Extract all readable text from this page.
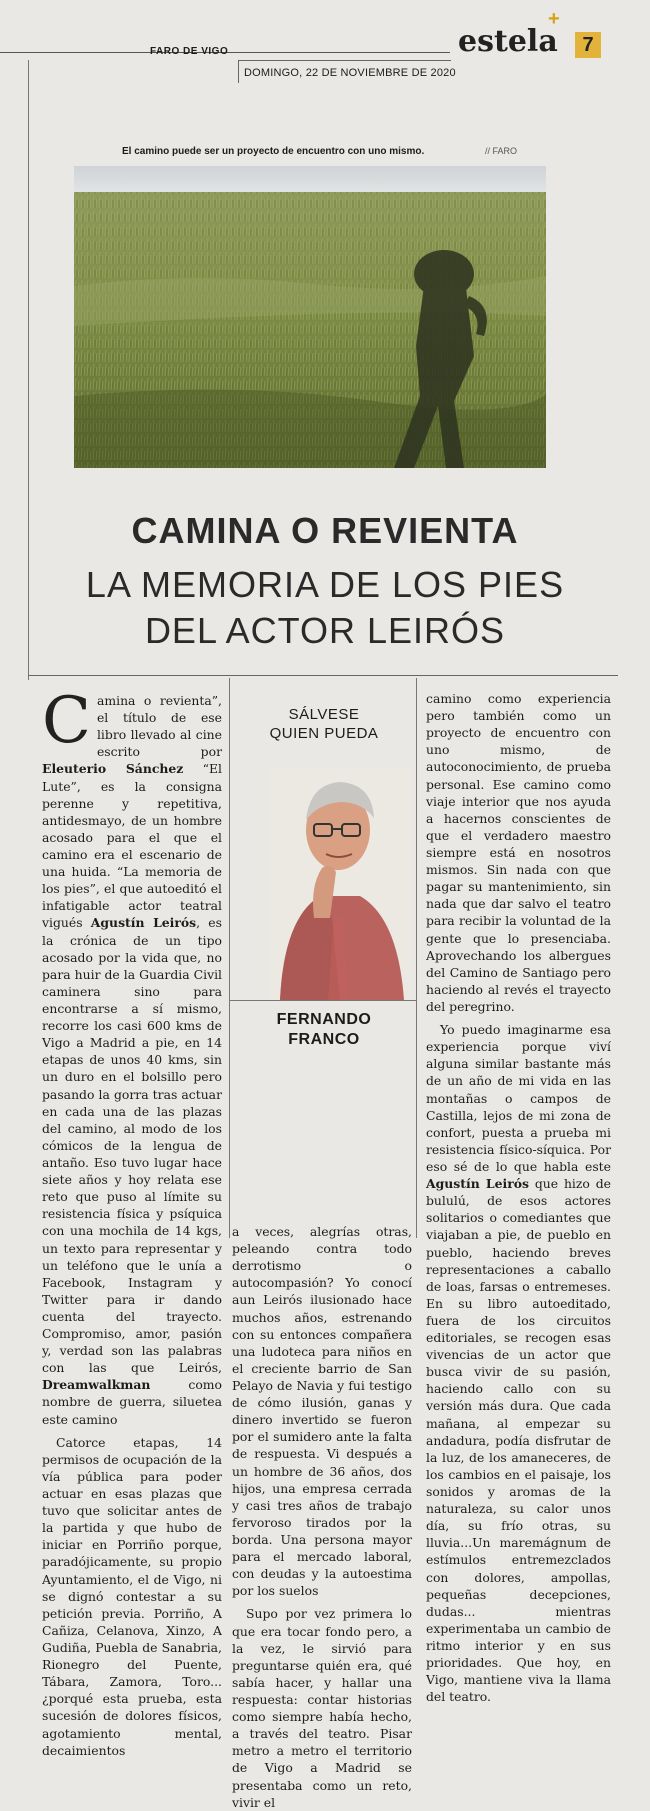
FARO DE VIGO
DOMINGO, 22 DE NOVIEMBRE DE 2020
estela
+
7
El camino puede ser un proyecto de encuentro con uno mismo.	// FARO
CAMINA O REVIENTA
LA MEMORIA DE LOS PIES
DEL ACTOR LEIRÓS

Camina o revienta”, el título de ese libro llevado al cine escrito por Eleuterio Sánchez “El Lute”, es la consigna perenne y repetitiva, antidesmayo, de un hombre acosado para el que el camino era el escenario de una huida. “La memoria de los pies”, el que autoeditó el infatigable actor teatral vigués Agustín Leirós, es la crónica de un tipo acosado por la vida que, no para huir de la Guardia Civil caminera sino para encontrarse a sí mismo, recorre los casi 600 kms de Vigo a Madrid a pie, en 14 etapas de unos 40 kms, sin un duro en el bolsillo pero pasando la gorra tras actuar en cada una de las plazas del camino, al modo de los cómicos de la lengua de antaño. Eso tuvo lugar hace siete años y hoy relata ese reto que puso al límite su resistencia física y psíquica con una mochila de 14 kgs, un texto para representar y un teléfono que le unía a Facebook, Instagram y Twitter para ir dando cuenta del trayecto. Compromiso, amor, pasión y, verdad son las palabras con las que Leirós, Dreamwalkman como nombre de guerra, siluetea este camino

Catorce etapas, 14 permisos de ocupación de la vía pública para poder actuar en esas plazas que tuvo que solicitar antes de la partida y que hubo de iniciar en Porriño porque, paradójicamente, su propio Ayuntamiento, el de Vigo, ni se dignó contestar a su petición previa. Porriño, A Cañiza, Celanova, Xinzo, A Gudiña, Puebla de Sanabria, Rionegro del Puente, Tábara, Zamora, Toro... ¿porqué esta prueba, esta sucesión de dolores físicos, agotamiento mental, decaimientos

SÁLVESE
QUIEN PUEDA
FERNANDO
FRANCO

a veces, alegrías otras, peleando contra todo derrotismo o autocompasión? Yo conocí aun Leirós ilusionado hace muchos años, estrenando con su entonces compañera una ludoteca para niños en el creciente barrio de San Pelayo de Navia y fui testigo de cómo ilusión, ganas y dinero invertido se fueron por el sumidero ante la falta de respuesta. Vi después a un hombre de 36 años, dos hijos, una empresa cerrada y casi tres años de trabajo fervoroso tirados por la borda. Una persona mayor para el mercado laboral, con deudas y la autoestima por los suelos

Supo por vez primera lo que era tocar fondo pero, a la vez, le sirvió para preguntarse quién era, qué sabía hacer, y hallar una respuesta: contar historias como siempre había hecho, a través del teatro. Pisar metro a metro el territorio de Vigo a Madrid se presentaba como un reto, vivir el

camino como experiencia pero también como un proyecto de encuentro con uno mismo, de autoconocimiento, de prueba personal. Ese camino como viaje interior que nos ayuda a hacernos conscientes de que el verdadero maestro siempre está en nosotros mismos. Sin nada con que pagar su mantenimiento, sin nada que dar salvo el teatro para recibir la voluntad de la gente que lo presenciaba. Aprovechando los albergues del Camino de Santiago pero haciendo al revés el trayecto del peregrino.

Yo puedo imaginarme esa experiencia porque viví alguna similar bastante más de un año de mi vida en las montañas o campos de Castilla, lejos de mi zona de confort, puesta a prueba mi resistencia físico-síquica. Por eso sé de lo que habla este Agustín Leirós que hizo de bululú, de esos actores solitarios o comediantes que viajaban a pie, de pueblo en pueblo, haciendo breves representaciones a caballo de loas, farsas o entremeses. En su libro autoeditado, fuera de los circuitos editoriales, se recogen esas vivencias de un actor que busca vivir de su pasión, haciendo callo con su versión más dura. Que cada mañana, al empezar su andadura, podía disfrutar de la luz, de los amaneceres, de los cambios en el paisaje, los sonidos y aromas de la naturaleza, su calor unos día, su frío otras, su lluvia...Un maremágnum de estímulos entremezclados con dolores, ampollas, pequeñas decepciones, dudas... mientras experimentaba un cambio de ritmo interior y en sus prioridades. Que hoy, en Vigo, mantiene viva la llama del teatro.
